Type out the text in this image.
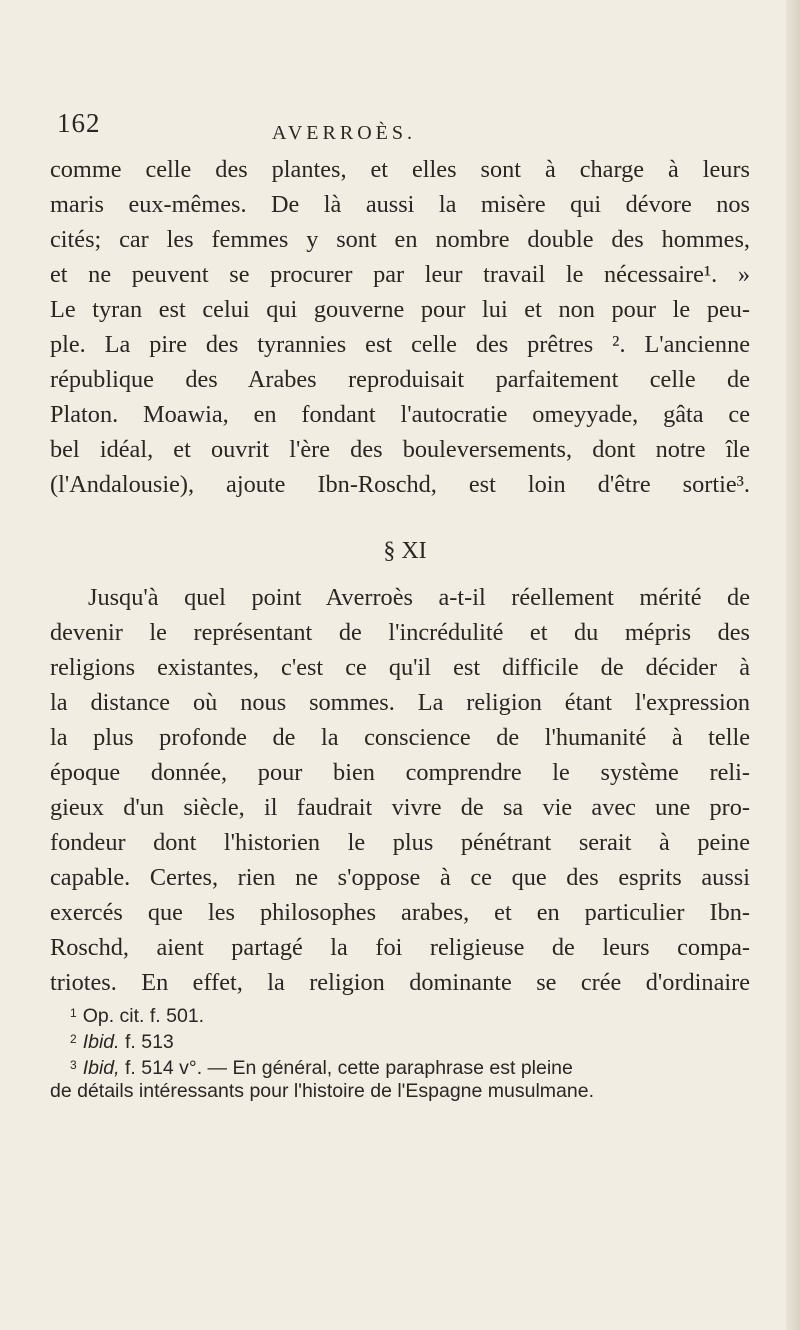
162	AVERROÈS.
comme celle des plantes, et elles sont à charge à leurs
maris eux-mêmes. De là aussi la misère qui dévore nos
cités; car les femmes y sont en nombre double des hommes,
et ne peuvent se procurer par leur travail le nécessaire¹. »
Le tyran est celui qui gouverne pour lui et non pour le peu-
ple. La pire des tyrannies est celle des prêtres ². L'ancienne
république des Arabes reproduisait parfaitement celle de
Platon. Moawia, en fondant l'autocratie omeyyade, gâta ce
bel idéal, et ouvrit l'ère des bouleversements, dont notre île
(l'Andalousie), ajoute Ibn-Roschd, est loin d'être sortie³.
§ XI
Jusqu'à quel point Averroès a-t-il réellement mérité de
devenir le représentant de l'incrédulité et du mépris des
religions existantes, c'est ce qu'il est difficile de décider à
la distance où nous sommes. La religion étant l'expression
la plus profonde de la conscience de l'humanité à telle
époque donnée, pour bien comprendre le système reli-
gieux d'un siècle, il faudrait vivre de sa vie avec une pro-
fondeur dont l'historien le plus pénétrant serait à peine
capable. Certes, rien ne s'oppose à ce que des esprits aussi
exercés que les philosophes arabes, et en particulier Ibn-
Roschd, aient partagé la foi religieuse de leurs compa-
triotes. En effet, la religion dominante se crée d'ordinaire
$^1$ Op. cit. f. 501.
$^2$ Ibid. f. 513
$^3$ Ibid, f. 514 v°. — En général, cette paraphrase est pleine
de détails intéressants pour l'histoire de l'Espagne musulmane.
